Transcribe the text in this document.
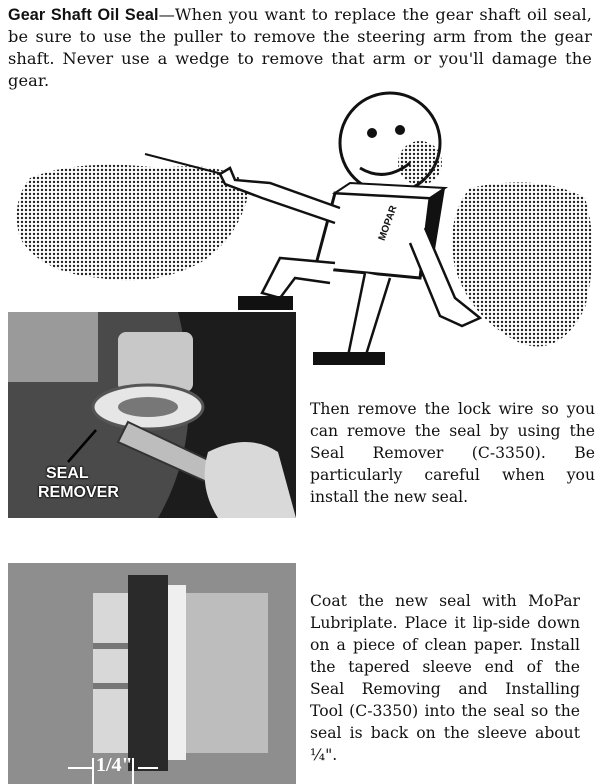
Gear Shaft Oil Seal—When you want to replace the gear shaft oil seal, be sure to use the puller to remove the steering arm from the gear shaft. Never use a wedge to remove that arm or you'll damage the gear.
MOPAR
SEAL
REMOVER
Then remove the lock wire so you can remove the seal by using the Seal Remover (C-3350). Be particularly careful when you install the new seal.
1/4"
Coat the new seal with MoPar Lubriplate. Place it lip-side down on a piece of clean paper. Install the tapered sleeve end of the Seal Removing and Installing Tool (C-3350) into the seal so the seal is back on the sleeve about ¼".
